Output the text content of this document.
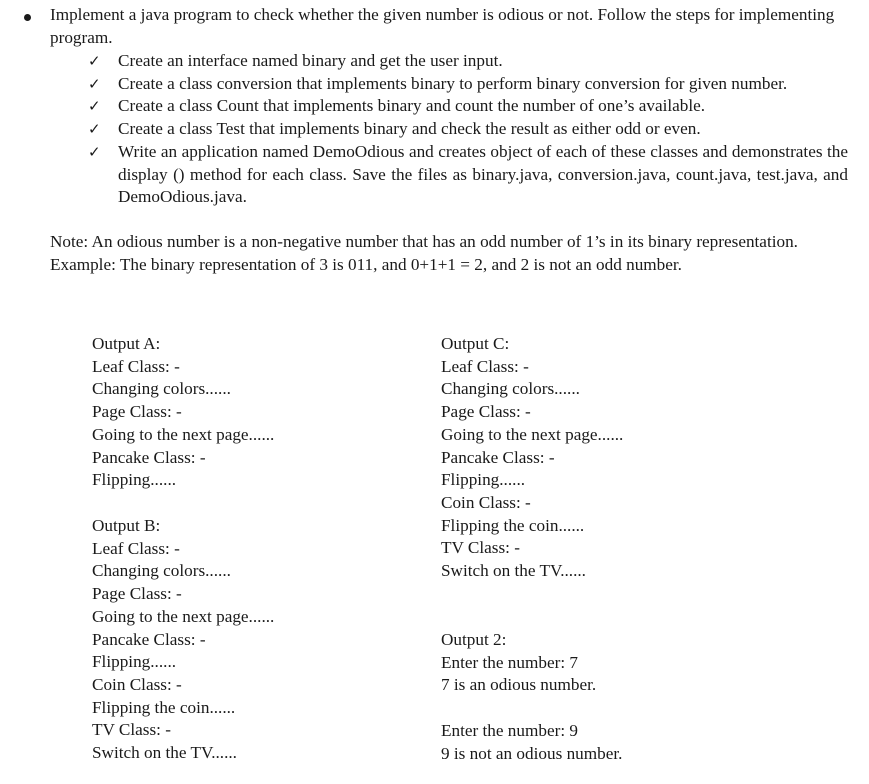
Implement a java program to check whether the given number is odious or not. Follow the steps for implementing program.
✓ Create an interface named binary and get the user input.
✓ Create a class conversion that implements binary to perform binary conversion for given number.
✓ Create a class Count that implements binary and count the number of one’s available.
✓ Create a class Test that implements binary and check the result as either odd or even.
✓ Write an application named DemoOdious and creates object of each of these classes and demonstrates the display () method for each class. Save the files as binary.java, conversion.java, count.java, test.java, and DemoOdious.java.
Note: An odious number is a non-negative number that has an odd number of 1’s in its binary representation.
Example: The binary representation of 3 is 011, and 0+1+1 = 2, and 2 is not an odd number.
Output A:
Leaf Class: -
Changing colors......
Page Class: -
Going to the next page......
Pancake Class: -
Flipping......
Output B:
Leaf Class: -
Changing colors......
Page Class: -
Going to the next page......
Pancake Class: -
Flipping......
Coin Class: -
Flipping the coin......
TV Class: -
Switch on the TV......
Output C:
Leaf Class: -
Changing colors......
Page Class: -
Going to the next page......
Pancake Class: -
Flipping......
Coin Class: -
Flipping the coin......
TV Class: -
Switch on the TV......
Output 2:
Enter the number: 7
7 is an odious number.
Enter the number: 9
9 is not an odious number.
